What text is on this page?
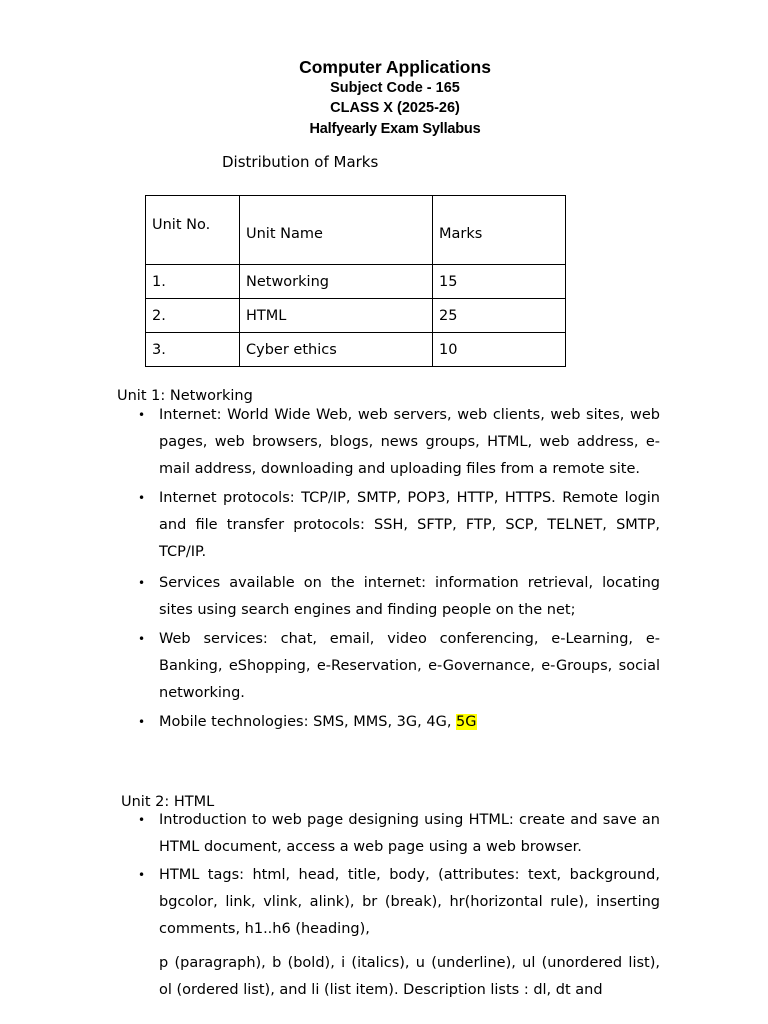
Computer Applications
Subject Code - 165
CLASS X (2025-26)
Halfyearly Exam Syllabus
Distribution of Marks
Unit No.	Unit Name	Marks
1.	Networking	15
2.	HTML	25
3.	Cyber ethics	10
Unit 1: Networking
• Internet: World Wide Web, web servers, web clients, web sites, web pages, web browsers, blogs, news groups, HTML, web address, e-mail address, downloading and uploading files from a remote site.
• Internet protocols: TCP/IP, SMTP, POP3, HTTP, HTTPS. Remote login and file transfer protocols: SSH, SFTP, FTP, SCP, TELNET, SMTP, TCP/IP.
• Services available on the internet: information retrieval, locating sites using search engines and finding people on the net;
• Web services: chat, email, video conferencing, e-Learning, e-Banking, eShopping, e-Reservation, e-Governance, e-Groups, social networking.
• Mobile technologies: SMS, MMS, 3G, 4G, 5G
Unit 2: HTML
• Introduction to web page designing using HTML: create and save an HTML document, access a web page using a web browser.
• HTML tags: html, head, title, body, (attributes: text, background, bgcolor, link, vlink, alink), br (break), hr(horizontal rule), inserting comments, h1..h6 (heading),
p (paragraph), b (bold), i (italics), u (underline), ul (unordered list), ol (ordered list), and li (list item). Description lists : dl, dt and
